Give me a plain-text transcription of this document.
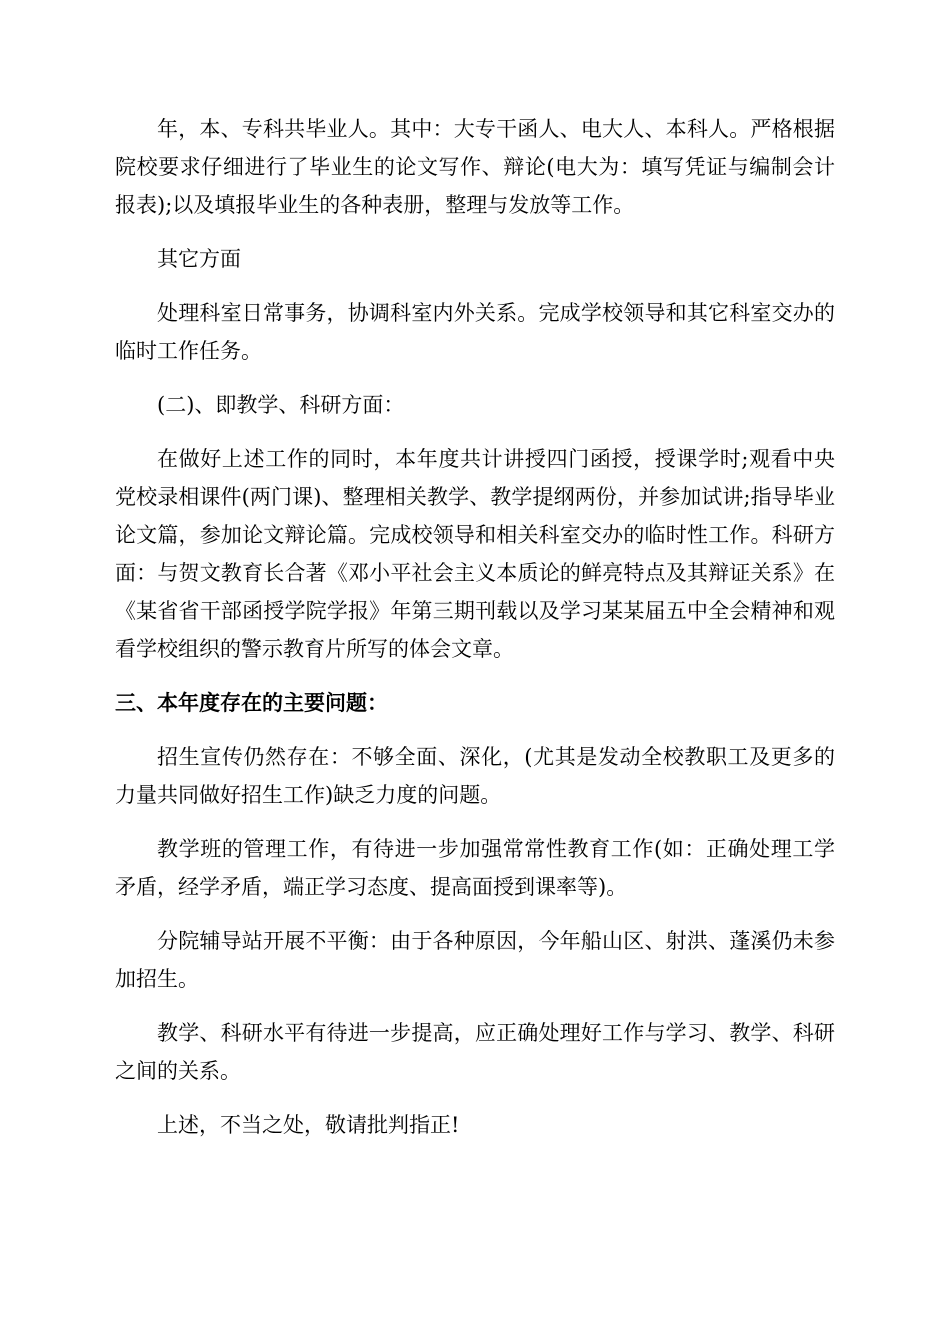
年，本、专科共毕业人。其中：大专干函人、电大人、本科人。严格根据院校要求仔细进行了毕业生的论文写作、辩论(电大为：填写凭证与编制会计报表);以及填报毕业生的各种表册，整理与发放等工作。

其它方面

处理科室日常事务，协调科室内外关系。完成学校领导和其它科室交办的临时工作任务。

(二)、即教学、科研方面：

在做好上述工作的同时，本年度共计讲授四门函授，授课学时;观看中央党校录相课件(两门课)、整理相关教学、教学提纲两份，并参加试讲;指导毕业论文篇，参加论文辩论篇。完成校领导和相关科室交办的临时性工作。科研方面：与贺文教育长合著《邓小平社会主义本质论的鲜亮特点及其辩证关系》在《某省省干部函授学院学报》年第三期刊载以及学习某某届五中全会精神和观看学校组织的警示教育片所写的体会文章。

三、本年度存在的主要问题：

招生宣传仍然存在：不够全面、深化，(尤其是发动全校教职工及更多的力量共同做好招生工作)缺乏力度的问题。

教学班的管理工作，有待进一步加强常常性教育工作(如：正确处理工学矛盾，经学矛盾，端正学习态度、提高面授到课率等)。

分院辅导站开展不平衡：由于各种原因，今年船山区、射洪、蓬溪仍未参加招生。

教学、科研水平有待进一步提高，应正确处理好工作与学习、教学、科研之间的关系。

上述，不当之处，敬请批判指正!
